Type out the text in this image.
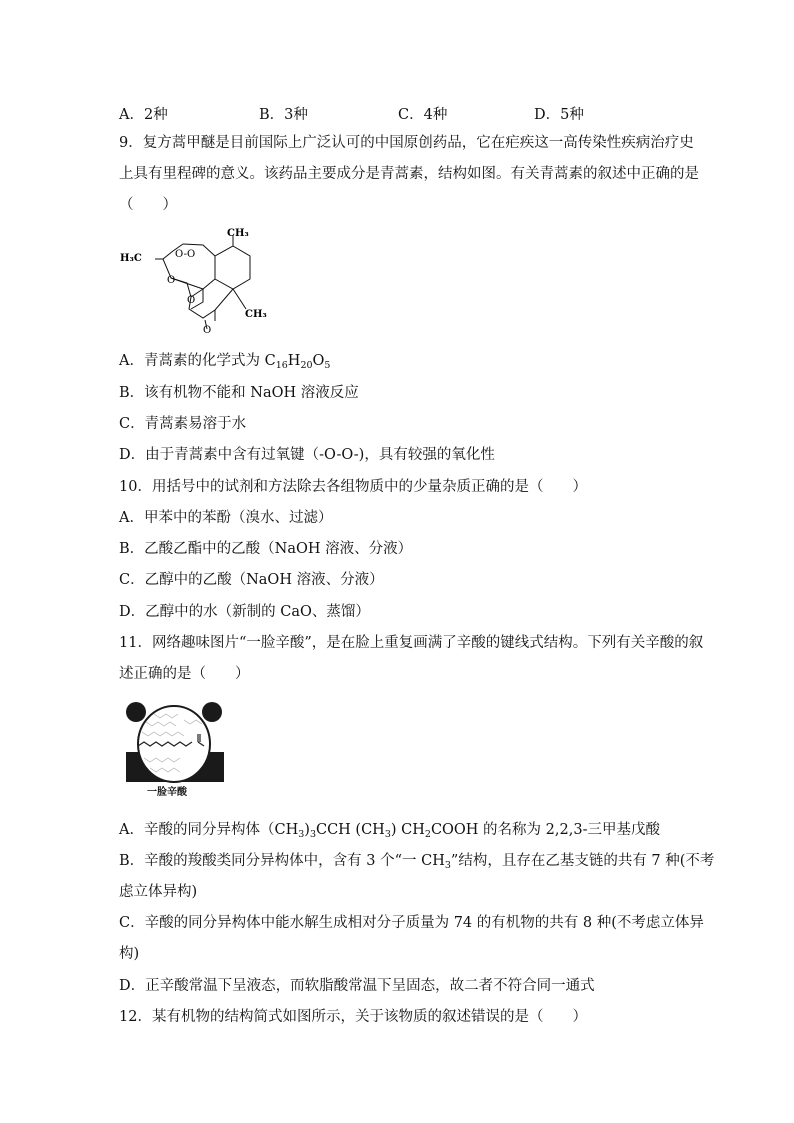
A．2种	B．3种	C．4种	D．5种
9．复方蒿甲醚是目前国际上广泛认可的中国原创药品，它在疟疾这一高传染性疾病治疗史
上具有里程碑的意义。该药品主要成分是青蒿素，结构如图。有关青蒿素的叙述中正确的是
（　　）
CH₃
H₃C	O-O
O
O
O
CH₃
A．青蒿素的化学式为 $C_{16}H_{20}O_5$
B．该有机物不能和 NaOH 溶液反应
C．青蒿素易溶于水
D．由于青蒿素中含有过氧键（-O-O-)，具有较强的氧化性
10．用括号中的试剂和方法除去各组物质中的少量杂质正确的是（　　）
A．甲苯中的苯酚（溴水、过滤）
B．乙酸乙酯中的乙酸（NaOH 溶液、分液）
C．乙醇中的乙酸（NaOH 溶液、分液）
D．乙醇中的水（新制的 CaO、蒸馏）
11．网络趣味图片“一脸辛酸”，是在脸上重复画满了辛酸的键线式结构。下列有关辛酸的叙
述正确的是（　　）
一脸辛酸
A．辛酸的同分异构体$(CH_3)_3CCH$ $(CH_3)$ $CH_2COOH$ 的名称为 2,2,3-三甲基戊酸
B．辛酸的羧酸类同分异构体中，含有 3 个“一 $CH_3$”结构，且存在乙基支链的共有 7 种(不考
虑立体异构)
C．辛酸的同分异构体中能水解生成相对分子质量为 74 的有机物的共有 8 种(不考虑立体异
构)
D．正辛酸常温下呈液态，而软脂酸常温下呈固态，故二者不符合同一通式
12．某有机物的结构简式如图所示，关于该物质的叙述错误的是（　　）
